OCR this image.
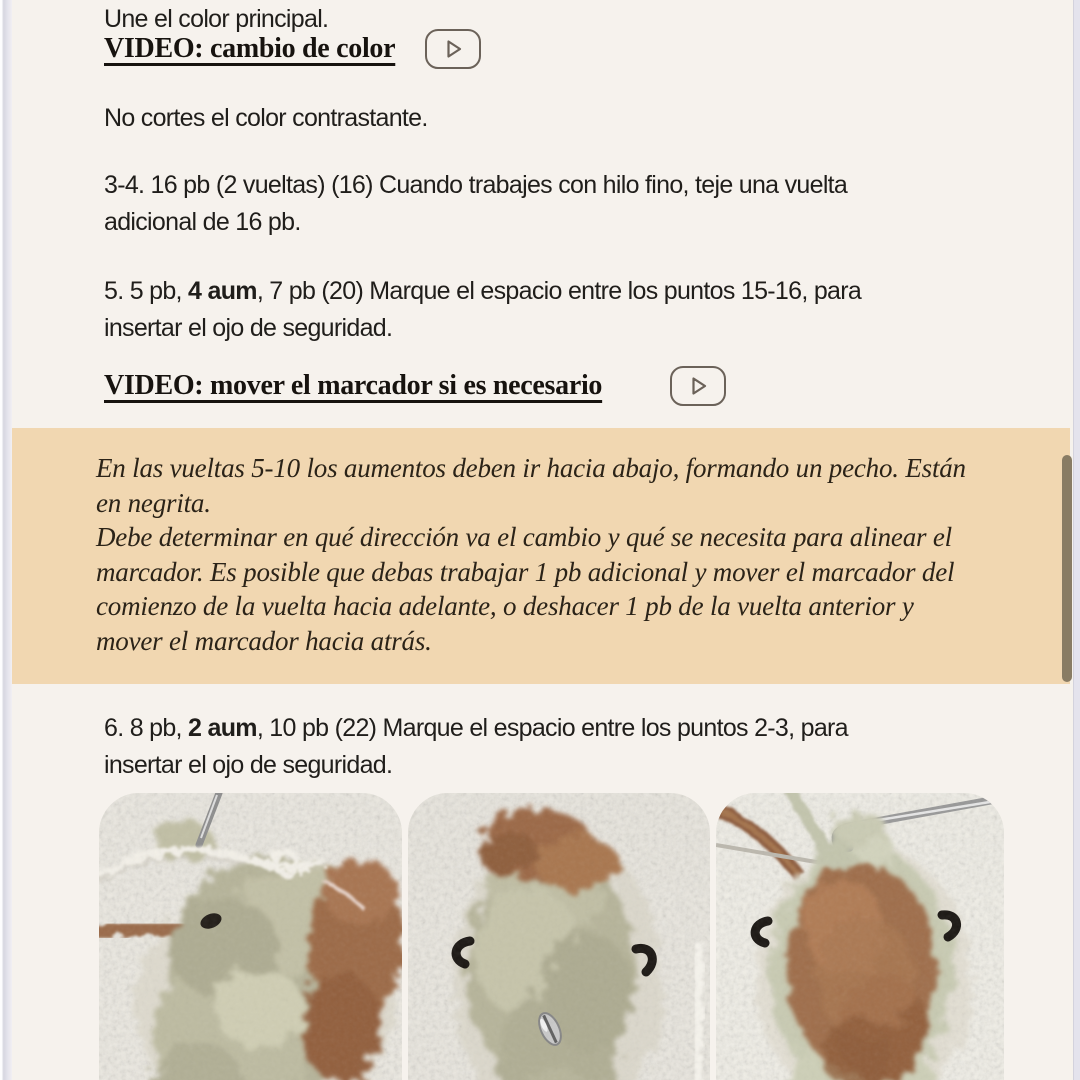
Une el color principal.

VIDEO: cambio de color

No cortes el color contrastante.

3-4. 16 pb (2 vueltas) (16) Cuando trabajes con hilo fino, teje una vuelta
adicional de 16 pb.

5. 5 pb, 4 aum, 7 pb (20) Marque el espacio entre los puntos 15-16, para
insertar el ojo de seguridad.

VIDEO: mover el marcador si es necesario
En las vueltas 5-10 los aumentos deben ir hacia abajo, formando un pecho. Están
en negrita.
Debe determinar en qué dirección va el cambio y qué se necesita para alinear el
marcador. Es posible que debas trabajar 1 pb adicional y mover el marcador del
comienzo de la vuelta hacia adelante, o deshacer 1 pb de la vuelta anterior y
mover el marcador hacia atrás.

6. 8 pb, 2 aum, 10 pb (22) Marque el espacio entre los puntos 2-3, para
insertar el ojo de seguridad.
